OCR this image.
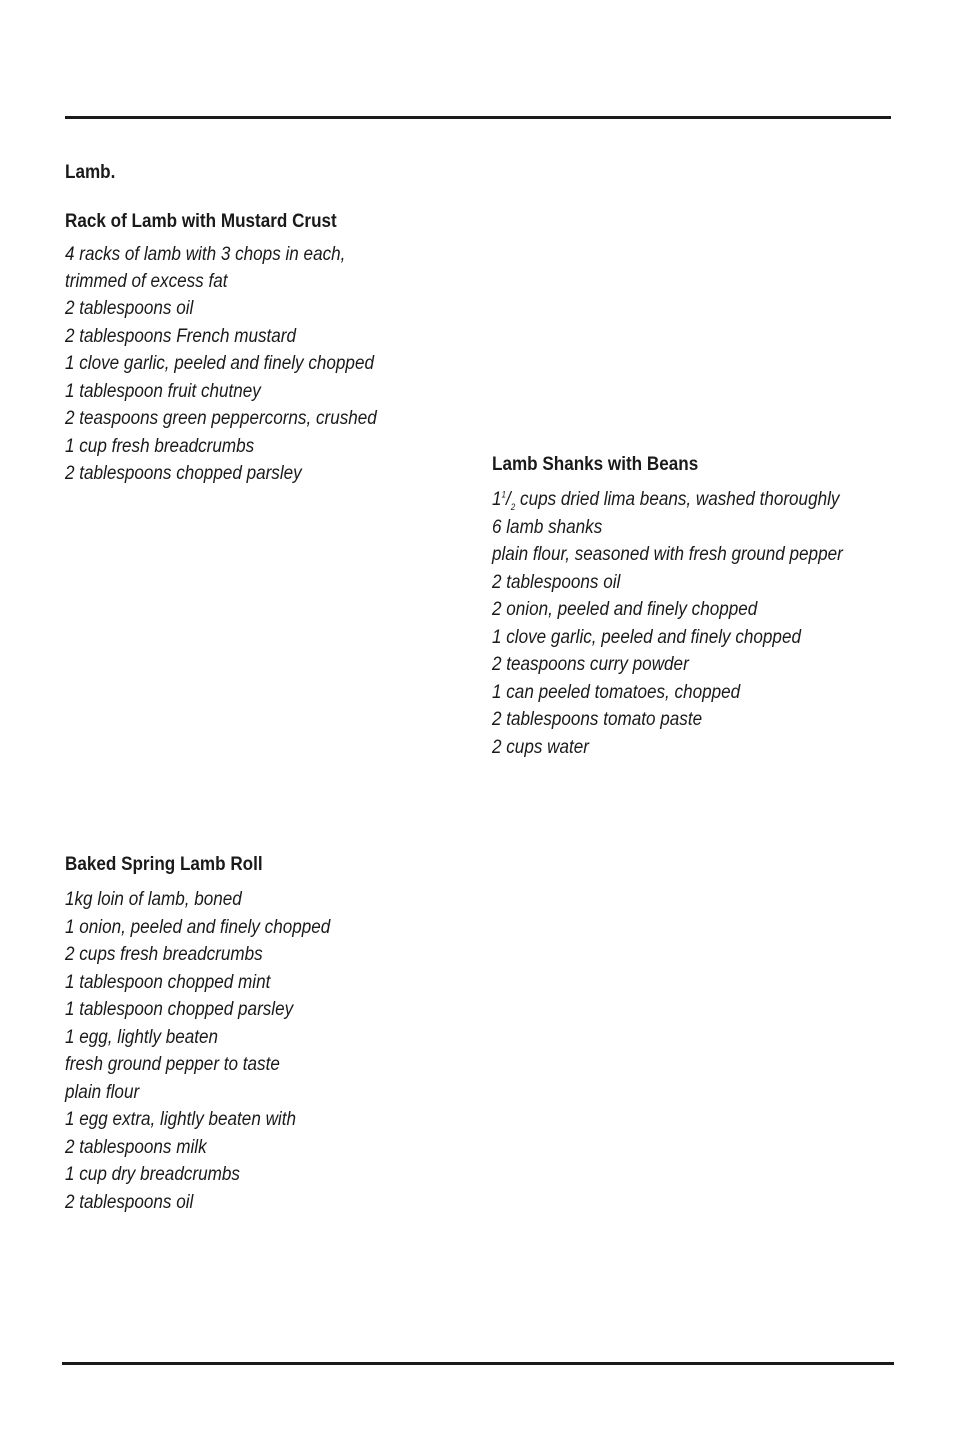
Lamb.
Rack of Lamb with Mustard Crust
4 racks of lamb with 3 chops in each,
trimmed of excess fat
2 tablespoons oil
2 tablespoons French mustard
1 clove garlic, peeled and finely chopped
1 tablespoon fruit chutney
2 teaspoons green peppercorns, crushed
1 cup fresh breadcrumbs
2 tablespoons chopped parsley	Lamb Shanks with Beans
$1^1/_2$ cups dried lima beans, washed thoroughly
6 lamb shanks
plain flour, seasoned with fresh ground pepper
2 tablespoons oil
2 onion, peeled and finely chopped
1 clove garlic, peeled and finely chopped
2 teaspoons curry powder
1 can peeled tomatoes, chopped
2 tablespoons tomato paste
2 cups water
Baked Spring Lamb Roll
1kg loin of lamb, boned
1 onion, peeled and finely chopped
2 cups fresh breadcrumbs
1 tablespoon chopped mint
1 tablespoon chopped parsley
1 egg, lightly beaten
fresh ground pepper to taste
plain flour
1 egg extra, lightly beaten with
2 tablespoons milk
1 cup dry breadcrumbs
2 tablespoons oil
